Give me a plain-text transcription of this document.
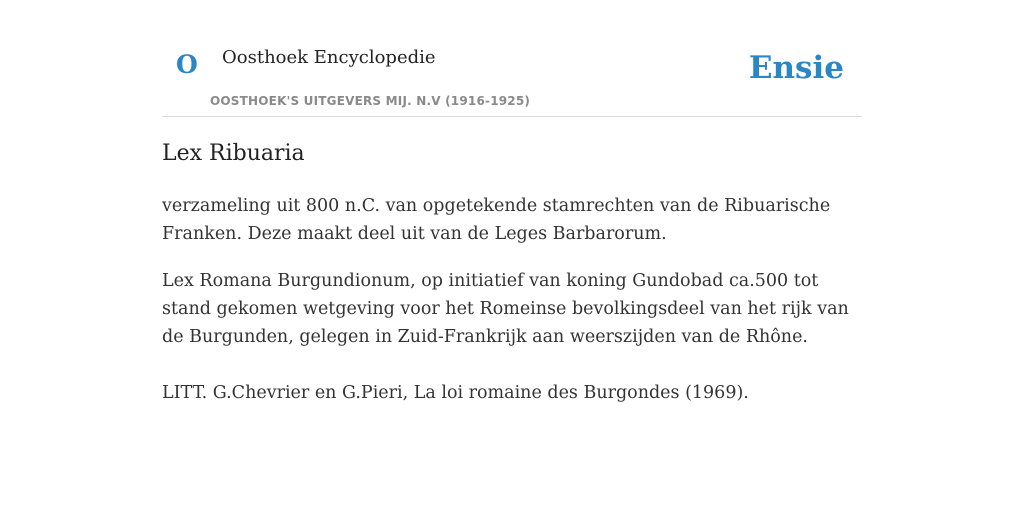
O Oosthoek Encyclopedie
OOSTHOEK'S UITGEVERS MIJ. N.V (1916-1925)
Ensie
Lex Ribuaria

verzameling uit 800 n.C. van opgetekende stamrechten van de Ribuarische Franken. Deze maakt deel uit van de Leges Barbarorum.

Lex Romana Burgundionum, op initiatief van koning Gundobad ca.500 tot stand gekomen wetgeving voor het Romeinse bevolkingsdeel van het rijk van de Burgunden, gelegen in Zuid-Frankrijk aan weerszijden van de Rhône.

LITT. G.Chevrier en G.Pieri, La loi romaine des Burgondes (1969).
